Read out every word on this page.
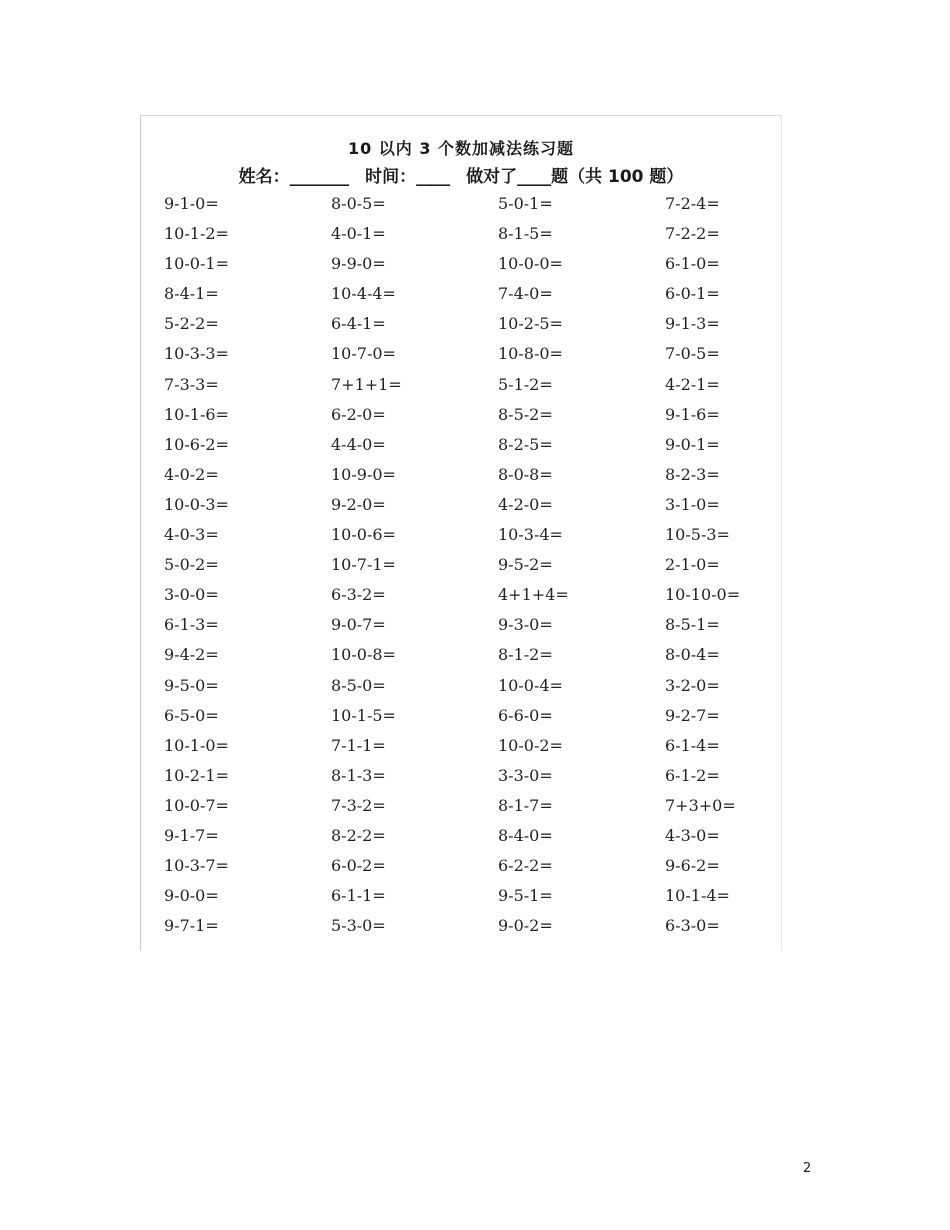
10 以内 3 个数加减法练习题
姓名：_______ 时间：____ 做对了____题（共 100 题）
9-1-0=	8-0-5=	5-0-1=	7-2-4=
10-1-2=	4-0-1=	8-1-5=	7-2-2=
10-0-1=	9-9-0=	10-0-0=	6-1-0=
8-4-1=	10-4-4=	7-4-0=	6-0-1=
5-2-2=	6-4-1=	10-2-5=	9-1-3=
10-3-3=	10-7-0=	10-8-0=	7-0-5=
7-3-3=	7+1+1=	5-1-2=	4-2-1=
10-1-6=	6-2-0=	8-5-2=	9-1-6=
10-6-2=	4-4-0=	8-2-5=	9-0-1=
4-0-2=	10-9-0=	8-0-8=	8-2-3=
10-0-3=	9-2-0=	4-2-0=	3-1-0=
4-0-3=	10-0-6=	10-3-4=	10-5-3=
5-0-2=	10-7-1=	9-5-2=	2-1-0=
3-0-0=	6-3-2=	4+1+4=	10-10-0=
6-1-3=	9-0-7=	9-3-0=	8-5-1=
9-4-2=	10-0-8=	8-1-2=	8-0-4=
9-5-0=	8-5-0=	10-0-4=	3-2-0=
6-5-0=	10-1-5=	6-6-0=	9-2-7=
10-1-0=	7-1-1=	10-0-2=	6-1-4=
10-2-1=	8-1-3=	3-3-0=	6-1-2=
10-0-7=	7-3-2=	8-1-7=	7+3+0=
9-1-7=	8-2-2=	8-4-0=	4-3-0=
10-3-7=	6-0-2=	6-2-2=	9-6-2=
9-0-0=	6-1-1=	9-5-1=	10-1-4=
9-7-1=	5-3-0=	9-0-2=	6-3-0=
2
